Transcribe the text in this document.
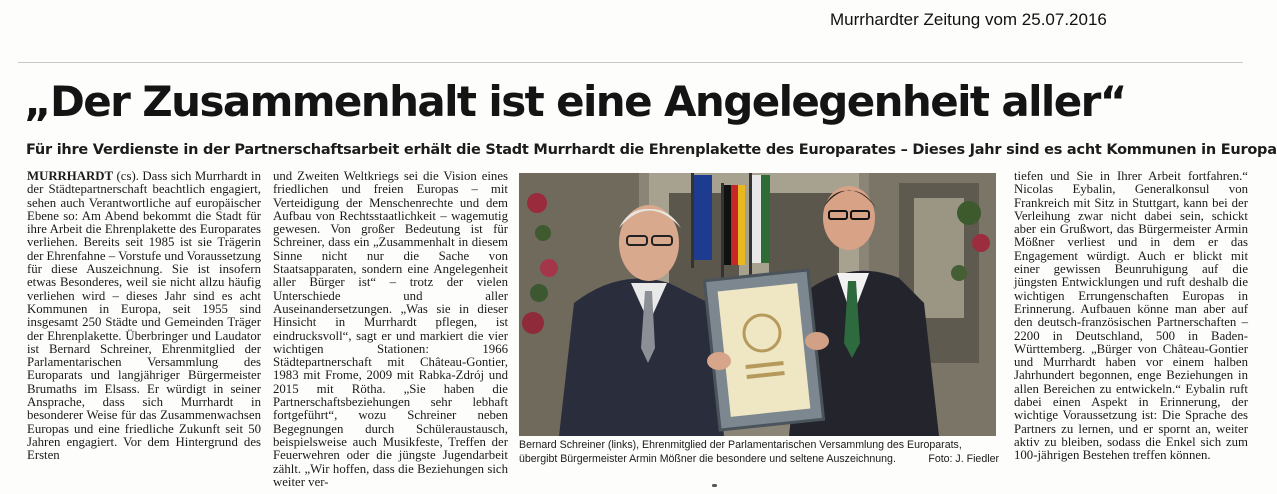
Murrhardter Zeitung vom 25.07.2016
„Der Zusammenhalt ist eine Angelegenheit aller“
Für ihre Verdienste in der Partnerschaftsarbeit erhält die Stadt Murrhardt die Ehrenplakette des Europarates – Dieses Jahr sind es acht Kommunen in Europa

MURRHARDT (cs). Dass sich Murrhardt in der Städtepartnerschaft beachtlich engagiert, sehen auch Verantwortliche auf europäischer Ebene so: Am Abend bekommt die Stadt für ihre Arbeit die Ehrenplakette des Europarates verliehen. Bereits seit 1985 ist sie Trägerin der Ehrenfahne – Vorstufe und Voraussetzung für diese Auszeichnung. Sie ist insofern etwas Besonderes, weil sie nicht allzu häufig verliehen wird – dieses Jahr sind es acht Kommunen in Europa, seit 1955 sind insgesamt 250 Städte und Gemeinden Träger der Ehrenplakette. Überbringer und Laudator ist Bernard Schreiner, Ehrenmitglied der Parlamentarischen Versammlung des Europarats und langjähriger Bürgermeister Brumaths im Elsass. Er würdigt in seiner Ansprache, dass sich Murrhardt in besonderer Weise für das Zusammenwachsen Europas und eine friedliche Zukunft seit 50 Jahren engagiert. Vor dem Hintergrund des Ersten

und Zweiten Weltkriegs sei die Vision eines friedlichen und freien Europas – mit Verteidigung der Menschenrechte und dem Aufbau von Rechtsstaatlichkeit – wagemutig gewesen. Von großer Bedeutung ist für Schreiner, dass ein „Zusammenhalt in diesem Sinne nicht nur die Sache von Staatsapparaten, sondern eine Angelegenheit aller Bürger ist“ – trotz der vielen Unterschiede und aller Auseinandersetzungen. „Was sie in dieser Hinsicht in Murrhardt pflegen, ist eindrucksvoll“, sagt er und markiert die vier wichtigen Stationen: 1966 Städtepartnerschaft mit Château-Gontier, 1983 mit Frome, 2009 mit Rabka-Zdrój und 2015 mit Rötha. „Sie haben die Partnerschaftsbeziehungen sehr lebhaft fortgeführt“, wozu Schreiner neben Begegnungen durch Schüleraustausch, beispielsweise auch Musikfeste, Treffen der Feuerwehren oder die jüngste Jugendarbeit zählt. „Wir hoffen, dass die Beziehungen sich weiter ver-

Bernard Schreiner (links), Ehrenmitglied der Parlamentarischen Versammlung des Europarats, übergibt Bürgermeister Armin Mößner die besondere und seltene Auszeichnung.	Foto: J. Fiedler

tiefen und Sie in Ihrer Arbeit fortfahren.“ Nicolas Eybalin, Generalkonsul von Frankreich mit Sitz in Stuttgart, kann bei der Verleihung zwar nicht dabei sein, schickt aber ein Grußwort, das Bürgermeister Armin Mößner verliest und in dem er das Engagement würdigt. Auch er blickt mit einer gewissen Beunruhigung auf die jüngsten Entwicklungen und ruft deshalb die wichtigen Errungenschaften Europas in Erinnerung. Aufbauen könne man aber auf den deutsch-französischen Partnerschaften – 2200 in Deutschland, 500 in Baden-Württemberg. „Bürger von Château-Gontier und Murrhardt haben vor einem halben Jahrhundert begonnen, enge Beziehungen in allen Bereichen zu entwickeln.“ Eybalin ruft dabei einen Aspekt in Erinnerung, der wichtige Voraussetzung ist: Die Sprache des Partners zu lernen, und er spornt an, weiter aktiv zu bleiben, sodass die Enkel sich zum 100-jährigen Bestehen treffen können.
